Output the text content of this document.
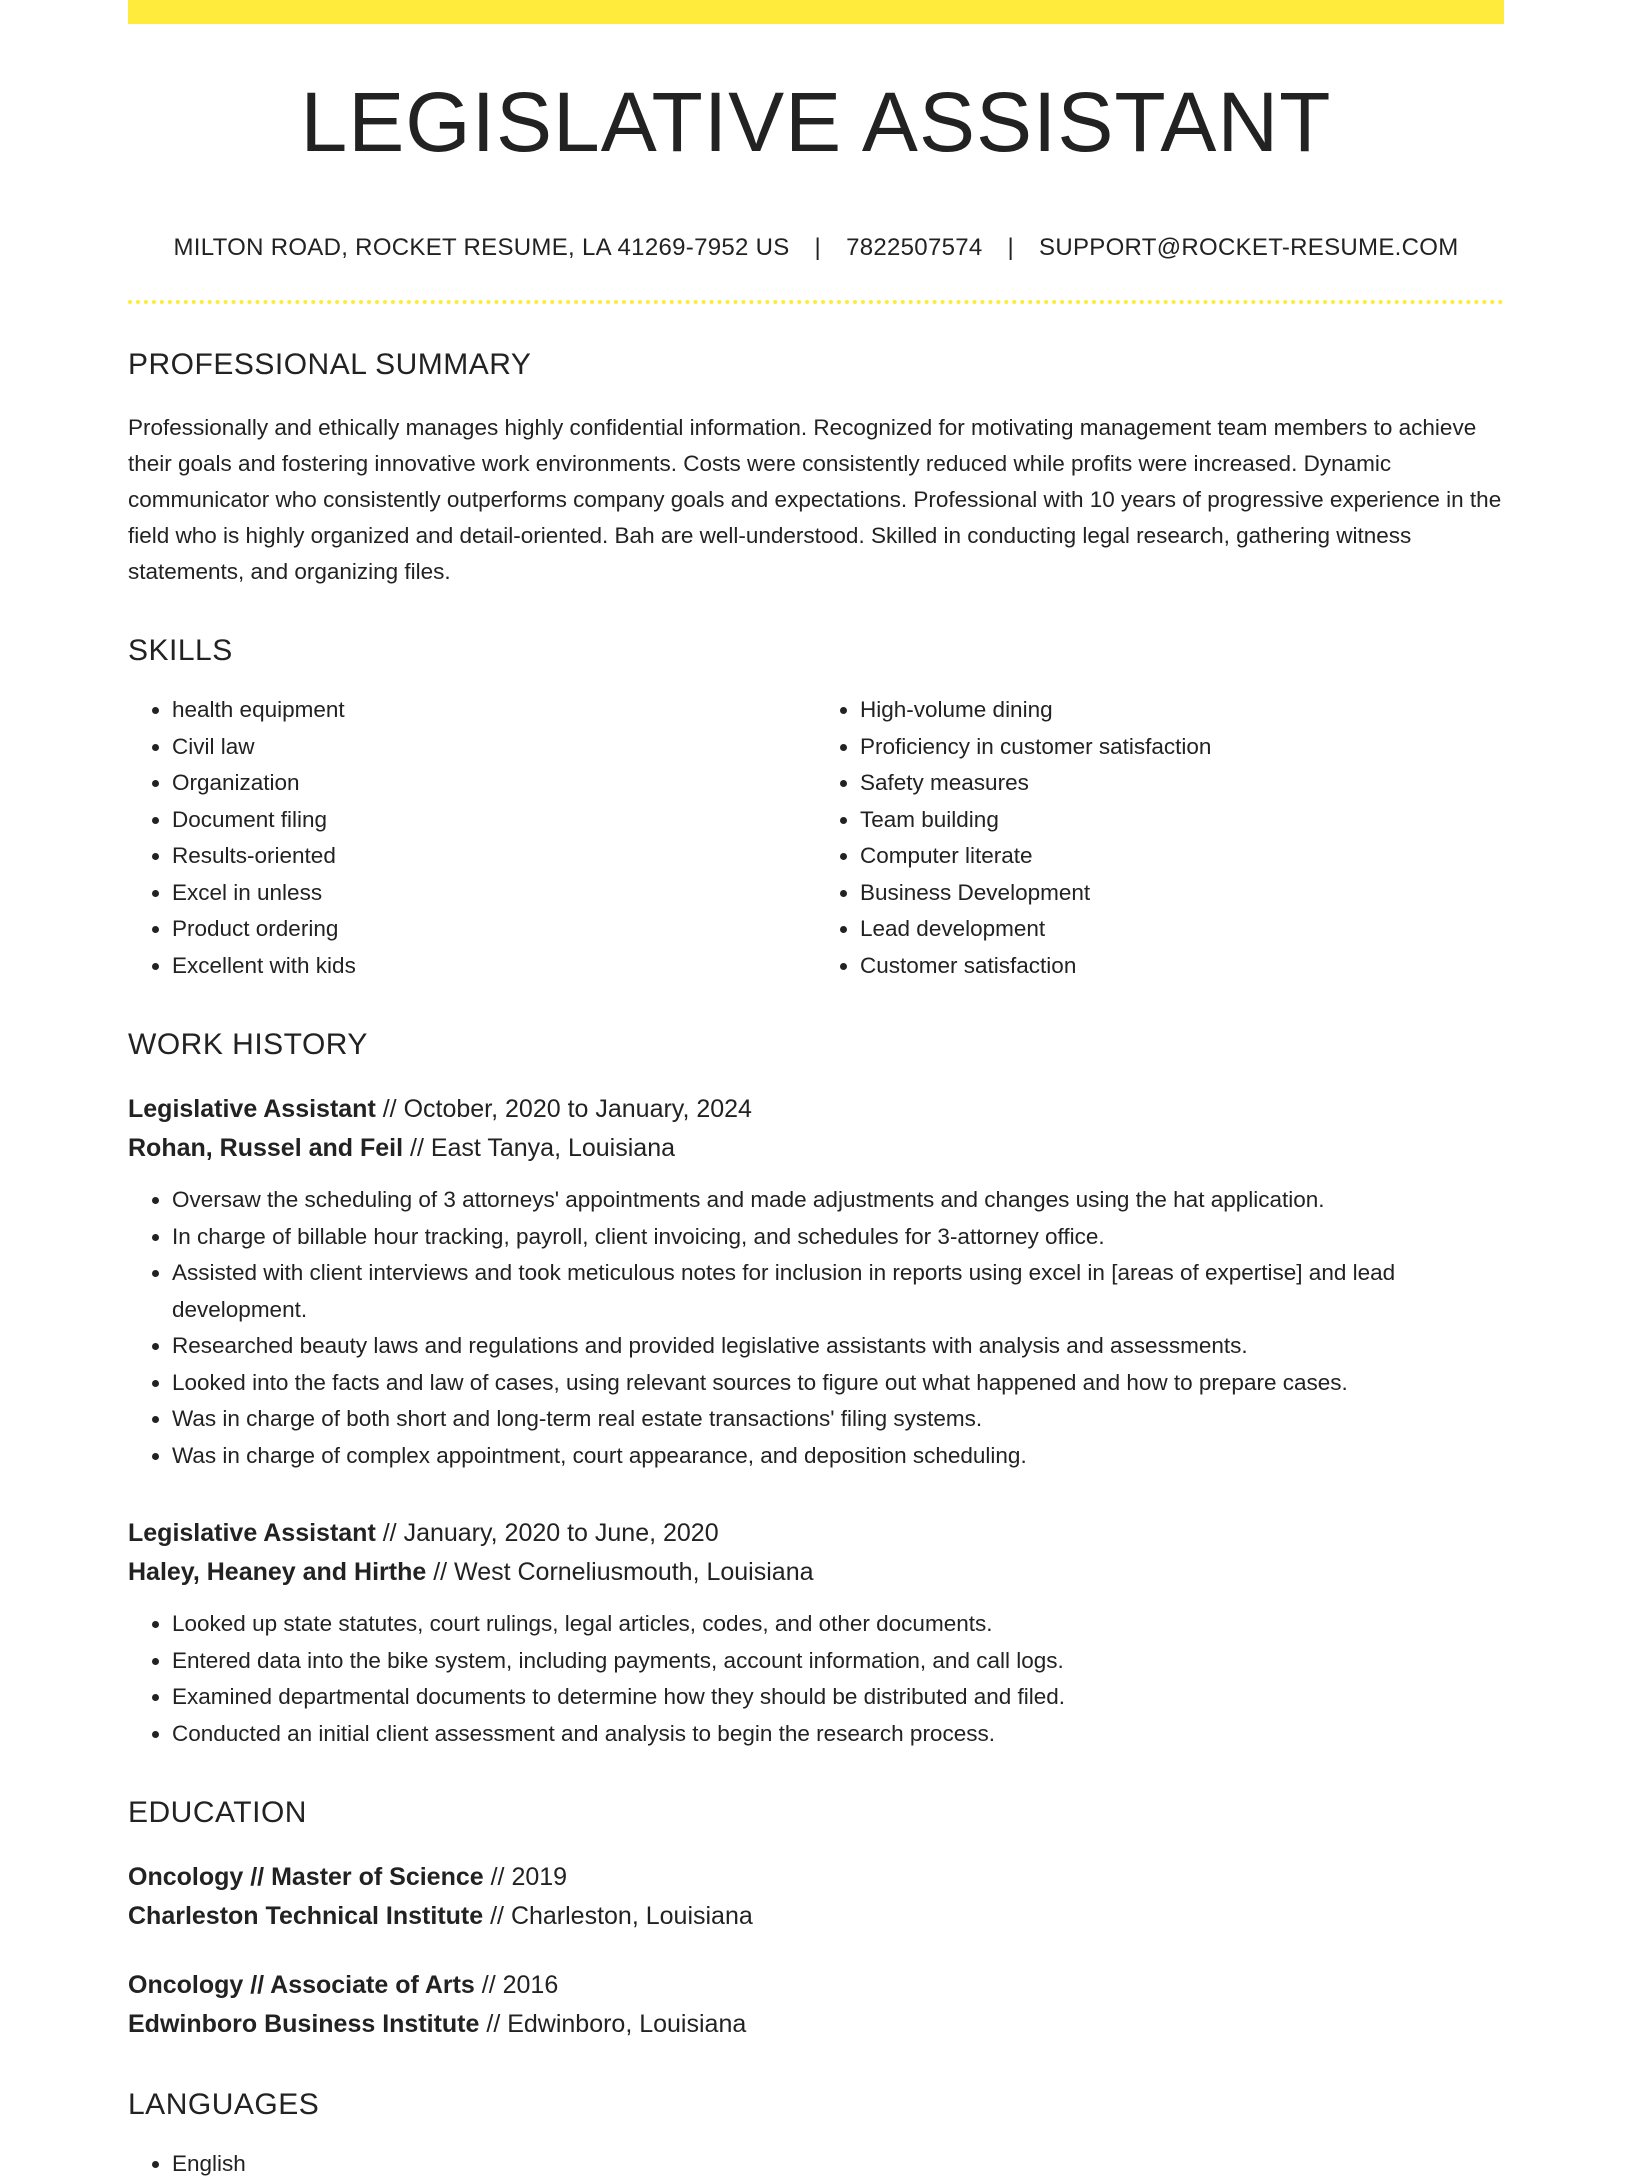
LEGISLATIVE ASSISTANT
MILTON ROAD, ROCKET RESUME, LA 41269-7952 US | 7822507574 | SUPPORT@ROCKET-RESUME.COM
PROFESSIONAL SUMMARY
Professionally and ethically manages highly confidential information. Recognized for motivating management team members to achieve their goals and fostering innovative work environments. Costs were consistently reduced while profits were increased. Dynamic communicator who consistently outperforms company goals and expectations. Professional with 10 years of progressive experience in the field who is highly organized and detail-oriented. Bah are well-understood. Skilled in conducting legal research, gathering witness statements, and organizing files.
SKILLS
• health equipment
• Civil law
• Organization
• Document filing
• Results-oriented
• Excel in unless
• Product ordering
• Excellent with kids
• High-volume dining
• Proficiency in customer satisfaction
• Safety measures
• Team building
• Computer literate
• Business Development
• Lead development
• Customer satisfaction
WORK HISTORY
Legislative Assistant // October, 2020 to January, 2024
Rohan, Russel and Feil // East Tanya, Louisiana
• Oversaw the scheduling of 3 attorneys' appointments and made adjustments and changes using the hat application.
• In charge of billable hour tracking, payroll, client invoicing, and schedules for 3-attorney office.
• Assisted with client interviews and took meticulous notes for inclusion in reports using excel in [areas of expertise] and lead development.
• Researched beauty laws and regulations and provided legislative assistants with analysis and assessments.
• Looked into the facts and law of cases, using relevant sources to figure out what happened and how to prepare cases.
• Was in charge of both short and long-term real estate transactions' filing systems.
• Was in charge of complex appointment, court appearance, and deposition scheduling.
Legislative Assistant // January, 2020 to June, 2020
Haley, Heaney and Hirthe // West Corneliusmouth, Louisiana
• Looked up state statutes, court rulings, legal articles, codes, and other documents.
• Entered data into the bike system, including payments, account information, and call logs.
• Examined departmental documents to determine how they should be distributed and filed.
• Conducted an initial client assessment and analysis to begin the research process.
EDUCATION
Oncology // Master of Science // 2019
Charleston Technical Institute // Charleston, Louisiana
Oncology // Associate of Arts // 2016
Edwinboro Business Institute // Edwinboro, Louisiana
LANGUAGES
• English
